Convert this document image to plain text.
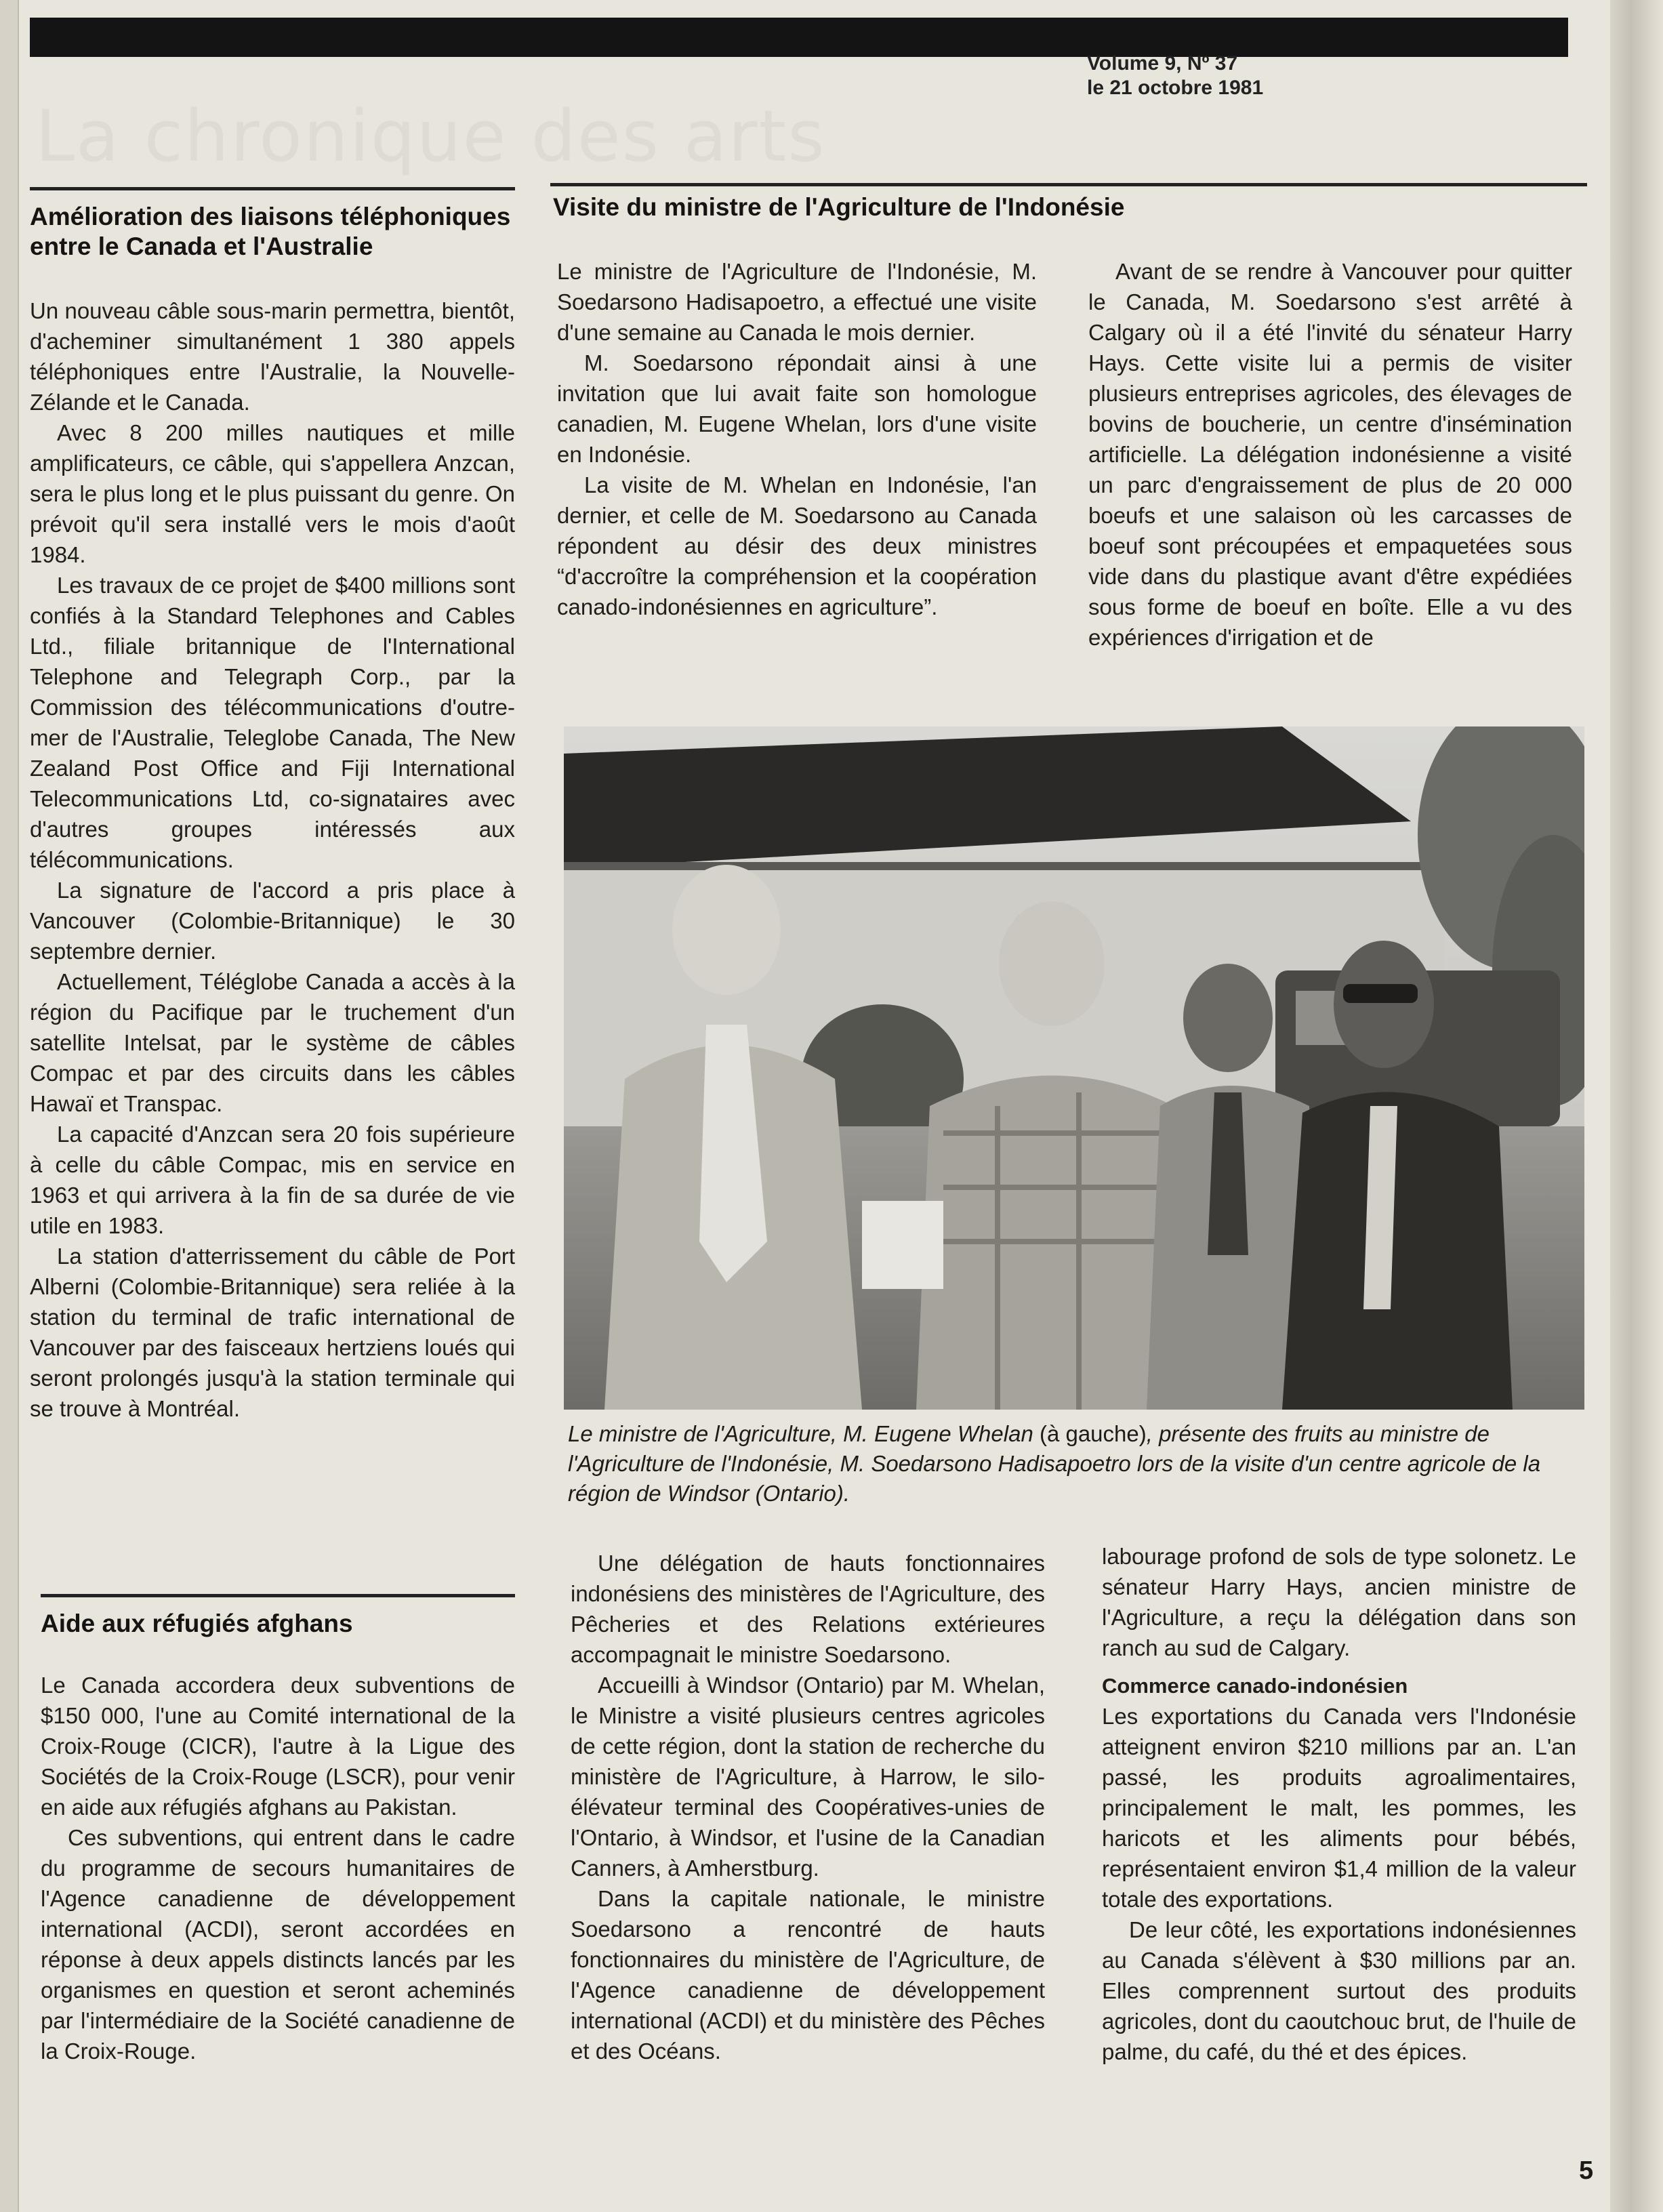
La chronique des arts
Volume 9, Nº 37
le 21 octobre 1981
Amélioration des liaisons téléphoniques entre le Canada et l'Australie

Un nouveau câble sous-marin permettra, bientôt, d'acheminer simultanément 1 380 appels téléphoniques entre l'Australie, la Nouvelle-Zélande et le Canada.

Avec 8 200 milles nautiques et mille amplificateurs, ce câble, qui s'appellera Anzcan, sera le plus long et le plus puissant du genre. On prévoit qu'il sera installé vers le mois d'août 1984.

Les travaux de ce projet de $400 millions sont confiés à la Standard Telephones and Cables Ltd., filiale britannique de l'International Telephone and Telegraph Corp., par la Commission des télécommunications d'outre-mer de l'Australie, Teleglobe Canada, The New Zealand Post Office and Fiji International Telecommunications Ltd, co-signataires avec d'autres groupes intéressés aux télécommunications.

La signature de l'accord a pris place à Vancouver (Colombie-Britannique) le 30 septembre dernier.

Actuellement, Téléglobe Canada a accès à la région du Pacifique par le truchement d'un satellite Intelsat, par le système de câbles Compac et par des circuits dans les câbles Hawaï et Transpac.

La capacité d'Anzcan sera 20 fois supérieure à celle du câble Compac, mis en service en 1963 et qui arrivera à la fin de sa durée de vie utile en 1983.

La station d'atterrissement du câble de Port Alberni (Colombie-Britannique) sera reliée à la station du terminal de trafic international de Vancouver par des faisceaux hertziens loués qui seront prolongés jusqu'à la station terminale qui se trouve à Montréal.

Aide aux réfugiés afghans

Le Canada accordera deux subventions de $150 000, l'une au Comité international de la Croix-Rouge (CICR), l'autre à la Ligue des Sociétés de la Croix-Rouge (LSCR), pour venir en aide aux réfugiés afghans au Pakistan.

Ces subventions, qui entrent dans le cadre du programme de secours humanitaires de l'Agence canadienne de développement international (ACDI), seront accordées en réponse à deux appels distincts lancés par les organismes en question et seront acheminés par l'intermédiaire de la Société canadienne de la Croix-Rouge.

Visite du ministre de l'Agriculture de l'Indonésie

Le ministre de l'Agriculture de l'Indonésie, M. Soedarsono Hadisapoetro, a effectué une visite d'une semaine au Canada le mois dernier.

M. Soedarsono répondait ainsi à une invitation que lui avait faite son homologue canadien, M. Eugene Whelan, lors d'une visite en Indonésie.

La visite de M. Whelan en Indonésie, l'an dernier, et celle de M. Soedarsono au Canada répondent au désir des deux ministres “d'accroître la compréhension et la coopération canado-indonésiennes en agriculture”.

Avant de se rendre à Vancouver pour quitter le Canada, M. Soedarsono s'est arrêté à Calgary où il a été l'invité du sénateur Harry Hays. Cette visite lui a permis de visiter plusieurs entreprises agricoles, des élevages de bovins de boucherie, un centre d'insémination artificielle. La délégation indonésienne a visité un parc d'engraissement de plus de 20 000 boeufs et une salaison où les carcasses de boeuf sont précoupées et empaquetées sous vide dans du plastique avant d'être expédiées sous forme de boeuf en boîte. Elle a vu des expériences d'irrigation et de

Le ministre de l'Agriculture, M. Eugene Whelan (à gauche), présente des fruits au ministre de l'Agriculture de l'Indonésie, M. Soedarsono Hadisapoetro lors de la visite d'un centre agricole de la région de Windsor (Ontario).

Une délégation de hauts fonctionnaires indonésiens des ministères de l'Agriculture, des Pêcheries et des Relations extérieures accompagnait le ministre Soedarsono.

Accueilli à Windsor (Ontario) par M. Whelan, le Ministre a visité plusieurs centres agricoles de cette région, dont la station de recherche du ministère de l'Agriculture, à Harrow, le silo-élévateur terminal des Coopératives-unies de l'Ontario, à Windsor, et l'usine de la Canadian Canners, à Amherstburg.

Dans la capitale nationale, le ministre Soedarsono a rencontré de hauts fonctionnaires du ministère de l'Agriculture, de l'Agence canadienne de développement international (ACDI) et du ministère des Pêches et des Océans.

labourage profond de sols de type solonetz. Le sénateur Harry Hays, ancien ministre de l'Agriculture, a reçu la délégation dans son ranch au sud de Calgary.

Commerce canado-indonésien

Les exportations du Canada vers l'Indonésie atteignent environ $210 millions par an. L'an passé, les produits agroalimentaires, principalement le malt, les pommes, les haricots et les aliments pour bébés, représentaient environ $1,4 million de la valeur totale des exportations.

De leur côté, les exportations indonésiennes au Canada s'élèvent à $30 millions par an. Elles comprennent surtout des produits agricoles, dont du caoutchouc brut, de l'huile de palme, du café, du thé et des épices.

5
